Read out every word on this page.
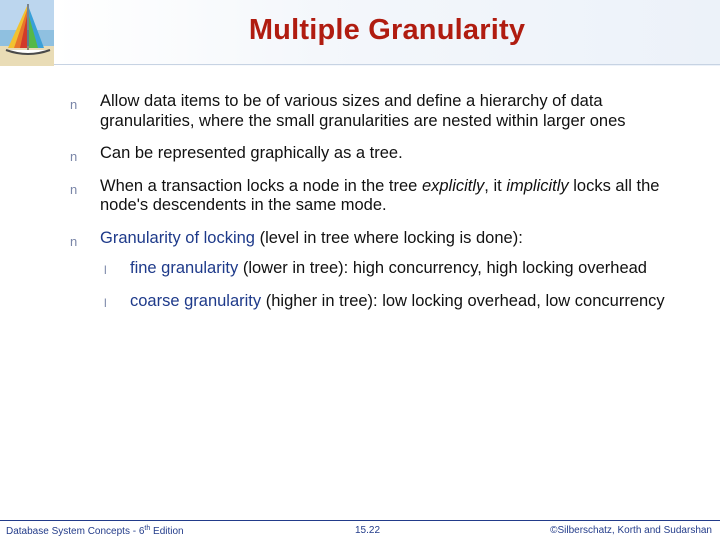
Multiple Granularity
n Allow data items to be of various sizes and define a hierarchy of data granularities, where the small granularities are nested within larger ones
n Can be represented graphically as a tree.
n When a transaction locks a node in the tree explicitly, it implicitly locks all the node's descendents in the same mode.
n Granularity of locking (level in tree where locking is done):
l fine granularity (lower in tree): high concurrency, high locking overhead
l coarse granularity (higher in tree): low locking overhead, low concurrency
Database System Concepts - 6th Edition	15.22	©Silberschatz, Korth and Sudarshan
